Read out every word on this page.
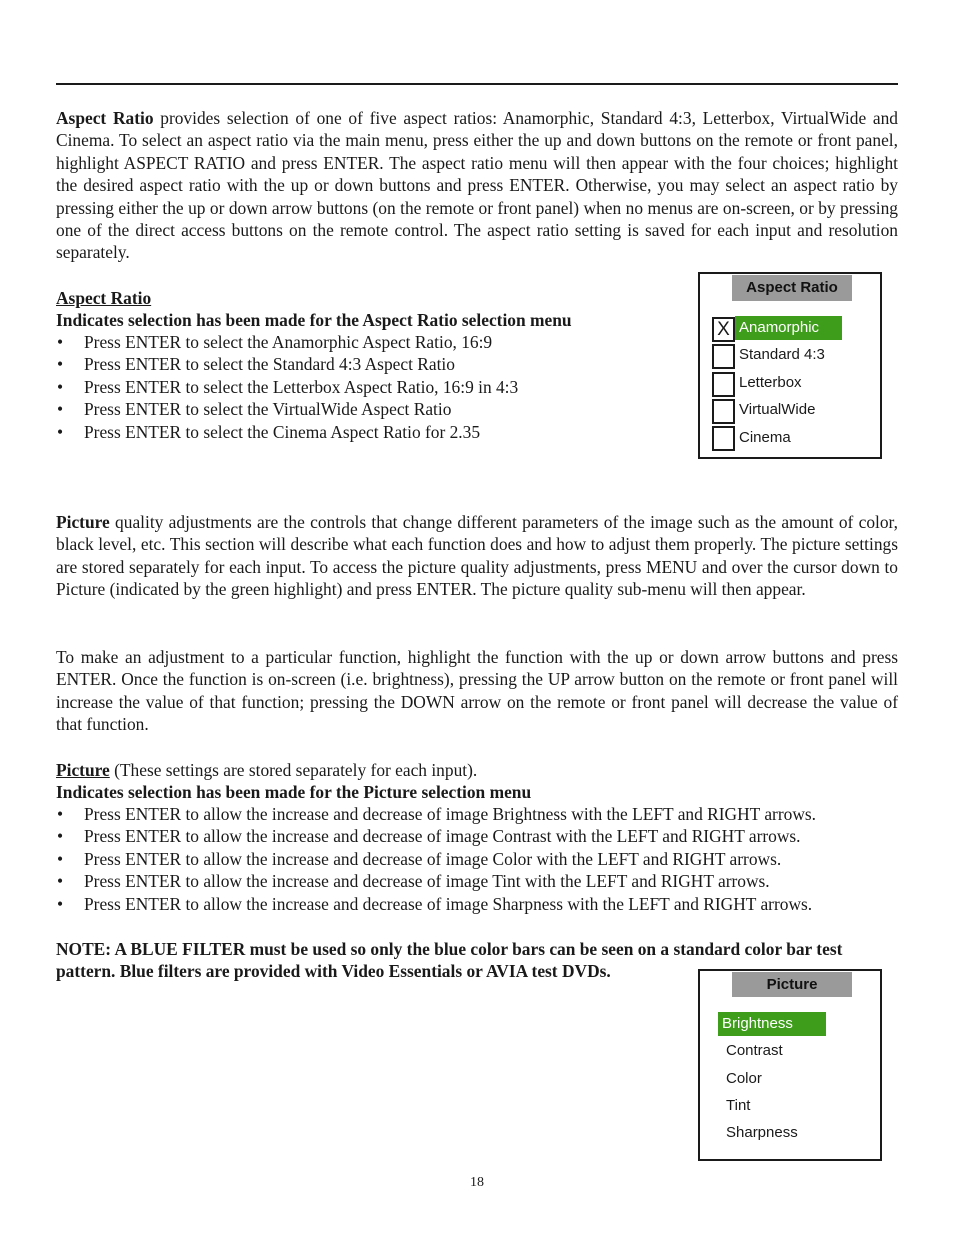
Aspect Ratio provides selection of one of five aspect ratios: Anamorphic, Standard 4:3, Letterbox, VirtualWide and Cinema. To select an aspect ratio via the main menu, press either the up and down buttons on the remote or front panel, highlight ASPECT RATIO and press ENTER. The aspect ratio menu will then appear with the four choices; highlight the desired aspect ratio with the up or down buttons and press ENTER. Otherwise, you may select an aspect ratio by pressing either the up or down arrow buttons (on the remote or front panel) when no menus are on-screen, or by pressing one of the direct access buttons on the remote control. The aspect ratio setting is saved for each input and resolution separately.

Aspect Ratio

Indicates selection has been made for the Aspect Ratio selection menu

• Press ENTER to select the Anamorphic Aspect Ratio, 16:9
• Press ENTER to select the Standard 4:3 Aspect Ratio
• Press ENTER to select the Letterbox Aspect Ratio, 16:9 in 4:3
• Press ENTER to select the VirtualWide Aspect Ratio
• Press ENTER to select the Cinema Aspect Ratio for 2.35
Aspect Ratio
X Anamorphic
Standard 4:3
Letterbox
VirtualWide
Cinema

Picture quality adjustments are the controls that change different parameters of the image such as the amount of color, black level, etc. This section will describe what each function does and how to adjust them properly. The picture settings are stored separately for each input. To access the picture quality adjustments, press MENU and over the cursor down to Picture (indicated by the green highlight) and press ENTER. The picture quality sub-menu will then appear.

To make an adjustment to a particular function, highlight the function with the up or down arrow buttons and press ENTER. Once the function is on-screen (i.e. brightness), pressing the UP arrow button on the remote or front panel will increase the value of that function; pressing the DOWN arrow on the remote or front panel will decrease the value of that function.

Picture (These settings are stored separately for each input).

Indicates selection has been made for the Picture selection menu

• Press ENTER to allow the increase and decrease of image Brightness with the LEFT and RIGHT arrows.
• Press ENTER to allow the increase and decrease of image Contrast with the LEFT and RIGHT arrows.
• Press ENTER to allow the increase and decrease of image Color with the LEFT and RIGHT arrows.
• Press ENTER to allow the increase and decrease of image Tint with the LEFT and RIGHT arrows.
• Press ENTER to allow the increase and decrease of image Sharpness with the LEFT and RIGHT arrows.

NOTE: A BLUE FILTER must be used so only the blue color bars can be seen on a standard color bar test pattern. Blue filters are provided with Video Essentials or AVIA test DVDs.

Picture
Brightness
Contrast
Color
Tint
Sharpness
18
